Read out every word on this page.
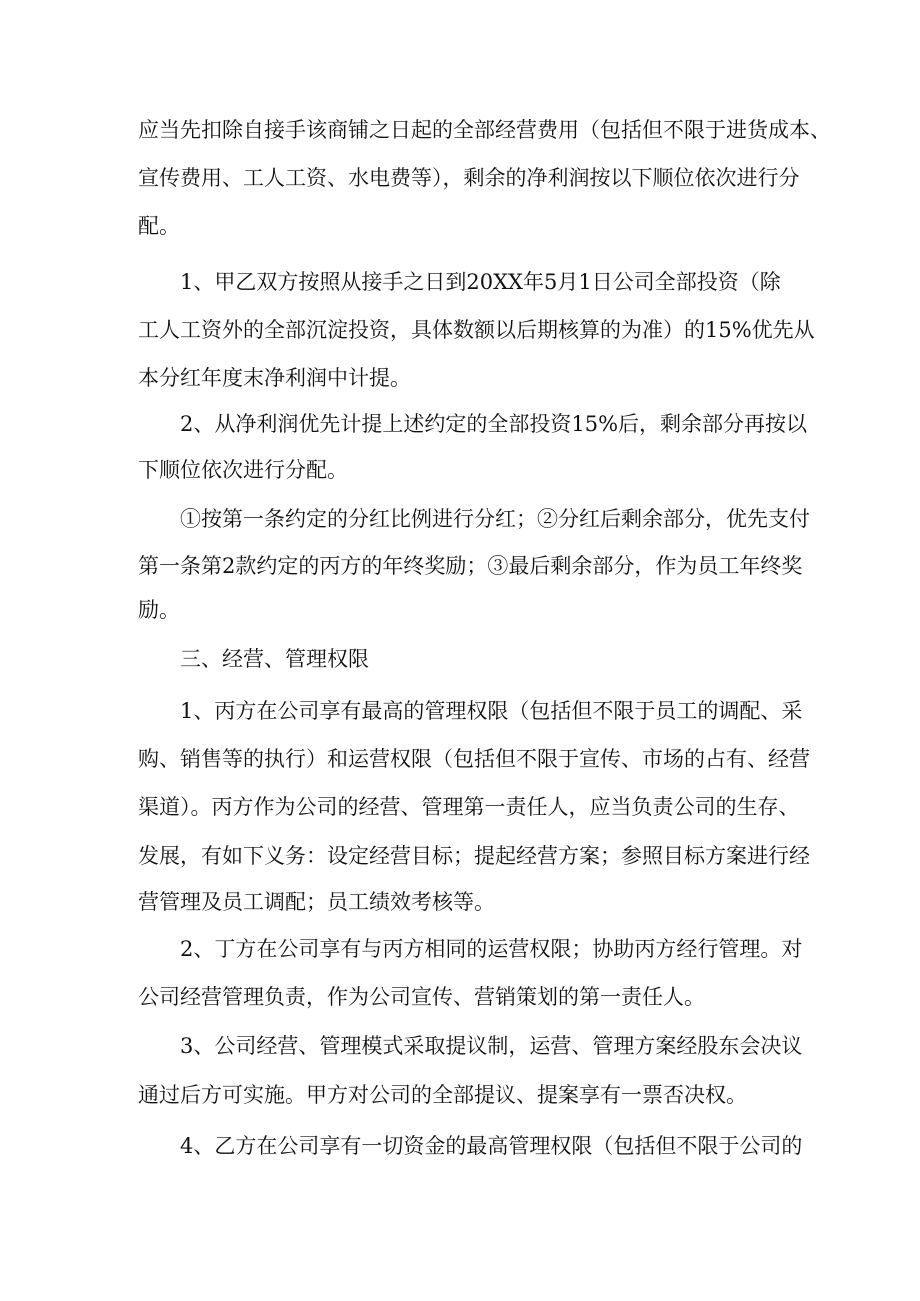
应当先扣除自接手该商铺之日起的全部经营费用（包括但不限于进货成本、
宣传费用、工人工资、水电费等），剩余的净利润按以下顺位依次进行分
配。
1、甲乙双方按照从接手之日到20XX年5月1日公司全部投资（除
工人工资外的全部沉淀投资，具体数额以后期核算的为准）的15%优先从
本分红年度末净利润中计提。
2、从净利润优先计提上述约定的全部投资15%后，剩余部分再按以
下顺位依次进行分配。
①按第一条约定的分红比例进行分红；②分红后剩余部分，优先支付
第一条第2款约定的丙方的年终奖励；③最后剩余部分，作为员工年终奖
励。
三、经营、管理权限
1、丙方在公司享有最高的管理权限（包括但不限于员工的调配、采
购、销售等的执行）和运营权限（包括但不限于宣传、市场的占有、经营
渠道）。丙方作为公司的经营、管理第一责任人，应当负责公司的生存、
发展，有如下义务：设定经营目标；提起经营方案；参照目标方案进行经
营管理及员工调配；员工绩效考核等。
2、丁方在公司享有与丙方相同的运营权限；协助丙方经行管理。对
公司经营管理负责，作为公司宣传、营销策划的第一责任人。
3、公司经营、管理模式采取提议制，运营、管理方案经股东会决议
通过后方可实施。甲方对公司的全部提议、提案享有一票否决权。
4、乙方在公司享有一切资金的最高管理权限（包括但不限于公司的
